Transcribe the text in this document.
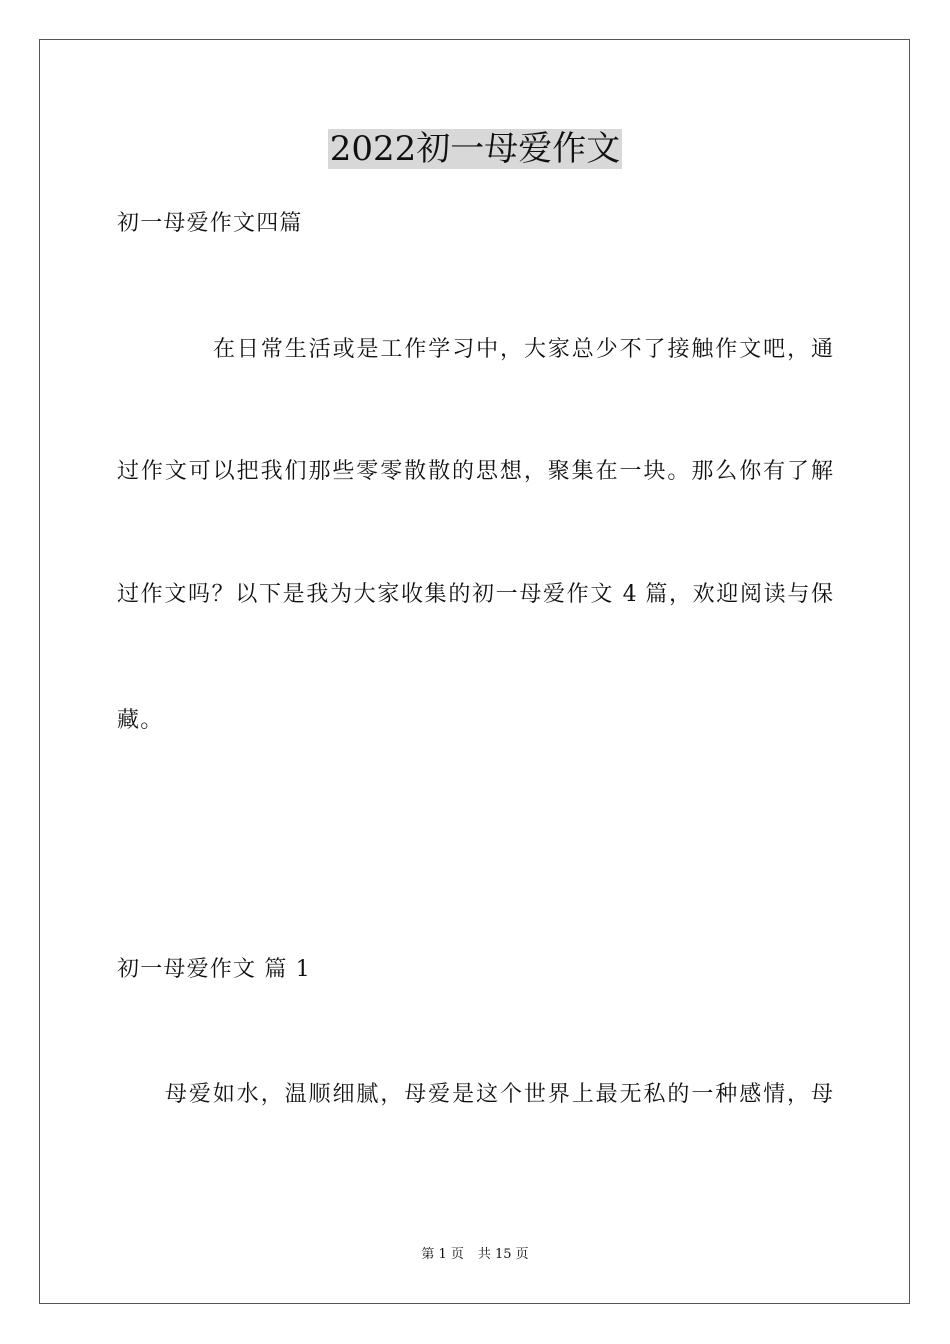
2022初一母爱作文
初一母爱作文四篇
在日常生活或是工作学习中，大家总少不了接触作文吧，通
过作文可以把我们那些零零散散的思想，聚集在一块。那么你有了解
过作文吗？以下是我为大家收集的初一母爱作文 4 篇，欢迎阅读与保
藏。
初一母爱作文 篇 1
母爱如水，温顺细腻，母爱是这个世界上最无私的一种感情，母
第 1 页 共 15 页
